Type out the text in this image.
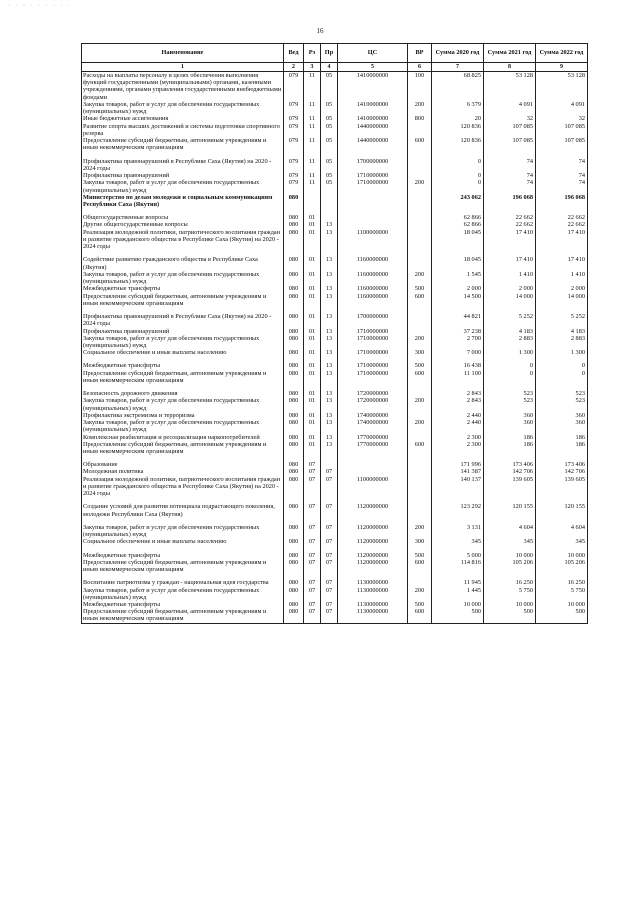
· · · · · · · · ·
16
Наименование	Вед	Рз	Пр	ЦС	ВР	Сумма 2020 год	Сумма 2021 год	Сумма 2022 год
1	2	3	4	5	6	7	8	9
Расходы на выплаты персоналу в целях обеспечения выполнения функций государственными (муниципальными) органами, казенными учреждениями, органами управления государственными внебюджетными фондами	079	11	05	1410000000	100	68 825	53 128	53 128
Закупка товаров, работ и услуг для обеспечения государственных (муниципальных) нужд	079	11	05	1410000000	200	6 379	4 091	4 091
Иные бюджетные ассигнования	079	11	05	1410000000	800	20	32	32
Развитие спорта высших достижений и системы подготовки спортивного резерва	079	11	05	1440000000		120 836	107 085	107 085
Предоставление субсидий бюджетным, автономным учреждениям и иным некоммерческим организациям	079	11	05	1440000000	600	120 836	107 085	107 085

Профилактика правонарушений в Республике Саха (Якутия) на 2020 - 2024 годы	079	11	05	1700000000		0	74	74
Профилактика правонарушений	079	11	05	1710000000		0	74	74
Закупка товаров, работ и услуг для обеспечения государственных (муниципальных) нужд	079	11	05	1710000000	200	0	74	74
Министерство по делам молодежи и социальным коммуникациям Республики Саха (Якутия)	080					243 062	196 068	196 068

Общегосударственные вопросы	080	01				62 866	22 662	22 662
Другие общегосударственные вопросы	080	01	13			62 866	22 662	22 662
Реализация молодежной политики, патриотического воспитания граждан и развитие гражданского общества в Республике Саха (Якутия) на 2020 - 2024 годы	080	01	13	1100000000		18 045	17 410	17 410

Содействие развитию гражданского общества в Республике Саха (Якутия)	080	01	13	1160000000		18 045	17 410	17 410
Закупка товаров, работ и услуг для обеспечения государственных (муниципальных) нужд	080	01	13	1160000000	200	1 545	1 410	1 410
Межбюджетные трансферты	080	01	13	1160000000	500	2 000	2 000	2 000
Предоставление субсидий бюджетным, автономным учреждениям и иным некоммерческим организациям	080	01	13	1160000000	600	14 500	14 000	14 000

Профилактика правонарушений в Республике Саха (Якутия) на 2020 - 2024 годы	080	01	13	1700000000		44 821	5 252	5 252
Профилактика правонарушений	080	01	13	1710000000		37 238	4 183	4 183
Закупка товаров, работ и услуг для обеспечения государственных (муниципальных) нужд	080	01	13	1710000000	200	2 700	2 883	2 883
Социальное обеспечение и иные выплаты населению	080	01	13	1710000000	300	7 000	1 300	1 300

Межбюджетные трансферты	080	01	13	1710000000	500	16 438	0	0
Предоставление субсидий бюджетным, автономным учреждениям и иным некоммерческим организациям	080	01	13	1710000000	600	11 100	0	0

Безопасность дорожного движения	080	01	13	1720000000		2 843	523	523
Закупка товаров, работ и услуг для обеспечения государственных (муниципальных) нужд	080	01	13	1720000000	200	2 843	523	523
Профилактика экстремизма и терроризма	080	01	13	1740000000		2 440	360	360
Закупка товаров, работ и услуг для обеспечения государственных (муниципальных) нужд	080	01	13	1740000000	200	2 440	360	360
Комплексная реабилитация и ресоциализация наркопотребителей	080	01	13	1770000000		2 300	186	186
Предоставление субсидий бюджетным, автономным учреждениям и иным некоммерческим организациям	080	01	13	1770000000	600	2 300	186	186

Образование	080	07				171 996	173 406	173 406
Молодежная политика	080	07	07			141 387	142 706	142 706
Реализация молодежной политики, патриотического воспитания граждан и развитие гражданского общества в Республике Саха (Якутия) на 2020 - 2024 годы	080	07	07	1100000000		140 137	139 605	139 605

Создание условий для развития потенциала подрастающего поколения, молодежи Республики Саха (Якутия)	080	07	07	1120000000		123 292	120 155	120 155

Закупка товаров, работ и услуг для обеспечения государственных (муниципальных) нужд	080	07	07	1120000000	200	3 131	4 604	4 604
Социальное обеспечение и иные выплаты населению	080	07	07	1120000000	300	345	345	345

Межбюджетные трансферты	080	07	07	1120000000	500	5 000	10 000	10 000
Предоставление субсидий бюджетным, автономным учреждениям и иным некоммерческим организациям	080	07	07	1120000000	600	114 816	105 206	105 206

Воспитание патриотизма у граждан - национальная идея государства	080	07	07	1130000000		11 945	16 250	16 250
Закупка товаров, работ и услуг для обеспечения государственных (муниципальных) нужд	080	07	07	1130000000	200	1 445	5 750	5 750
Межбюджетные трансферты	080	07	07	1130000000	500	10 000	10 000	10 000
Предоставление субсидий бюджетным, автономным учреждениям и иным некоммерческим организациям	080	07	07	1130000000	600	500	500	500
